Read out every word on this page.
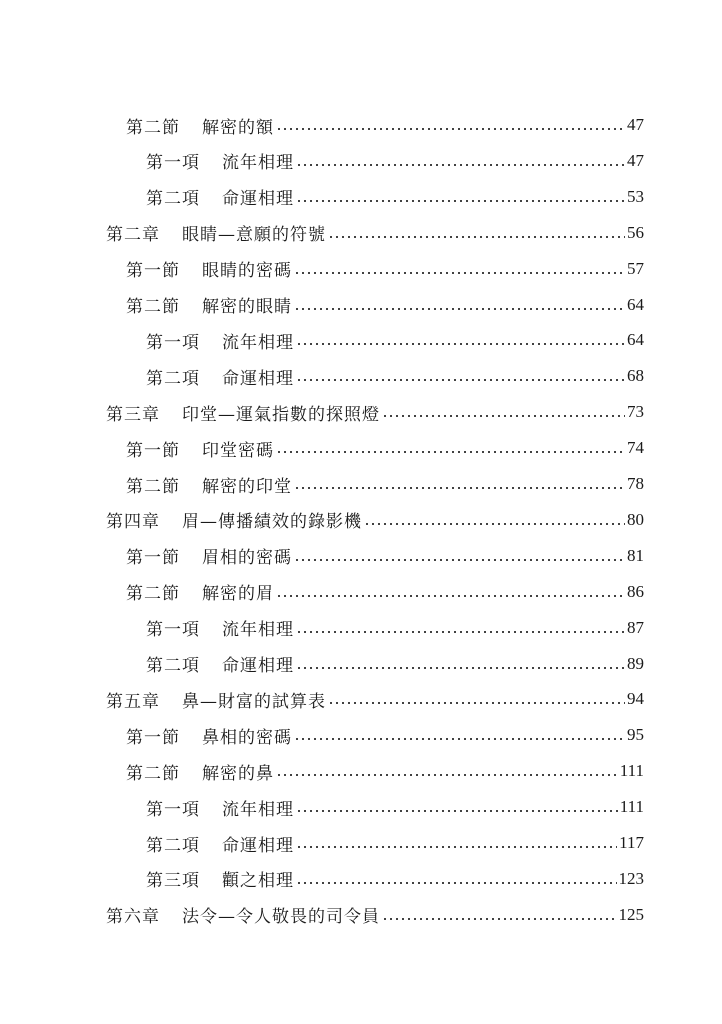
第二節 解密的額	47
第一項 流年相理	47
第二項 命運相理	53
第二章 眼睛—意願的符號	56
第一節 眼睛的密碼	57
第二節 解密的眼睛	64
第一項 流年相理	64
第二項 命運相理	68
第三章 印堂—運氣指數的探照燈	73
第一節 印堂密碼	74
第二節 解密的印堂	78
第四章 眉—傳播績效的錄影機	80
第一節 眉相的密碼	81
第二節 解密的眉	86
第一項 流年相理	87
第二項 命運相理	89
第五章 鼻—財富的試算表	94
第一節 鼻相的密碼	95
第二節 解密的鼻	111
第一項 流年相理	111
第二項 命運相理	117
第三項 顴之相理	123
第六章 法令—令人敬畏的司令員	125
